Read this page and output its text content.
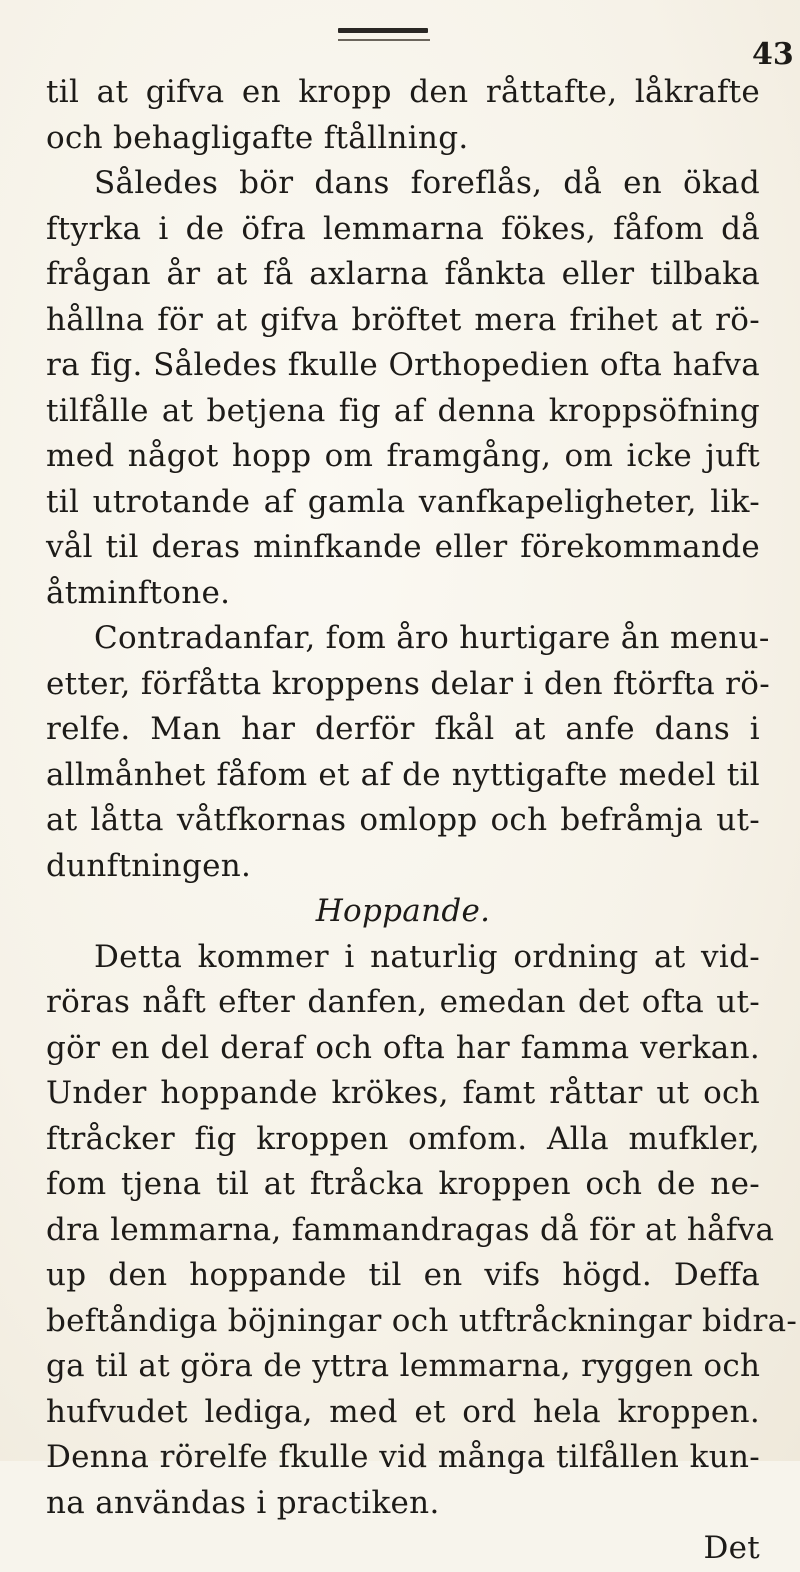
43
til at gifva en kropp den råttafte, låkrafte
och behagligafte ftållning.
Således bör dans foreflås, då en ökad
ftyrka i de öfra lemmarna fökes, fåfom då
frågan år at få axlarna fånkta eller tilbaka
hållna för at gifva bröftet mera frihet at rö-
ra fig. Således fkulle Orthopedien ofta hafva
tilfålle at betjena fig af denna kroppsöfning
med något hopp om framgång, om icke juft
til utrotande af gamla vanfkapeligheter, lik-
vål til deras minfkande eller förekommande
åtminftone.
Contradanfar, fom åro hurtigare ån menu-
etter, förfåtta kroppens delar i den ftörfta rö-
relfe. Man har derför fkål at anfe dans i
allmånhet fåfom et af de nyttigafte medel til
at låtta våtfkornas omlopp och befråmja ut-
dunftningen.
Hoppande.
Detta kommer i naturlig ordning at vid-
röras nåft efter danfen, emedan det ofta ut-
gör en del deraf och ofta har famma verkan.
Under hoppande krökes, famt råttar ut och
ftråcker fig kroppen omfom. Alla mufkler,
fom tjena til at ftråcka kroppen och de ne-
dra lemmarna, fammandragas då för at håfva
up den hoppande til en vifs högd. Deffa
beftåndiga böjningar och utftråckningar bidra-
ga til at göra de yttra lemmarna, ryggen och
hufvudet lediga, med et ord hela kroppen.
Denna rörelfe fkulle vid många tilfållen kun-
na användas i practiken.
Det
